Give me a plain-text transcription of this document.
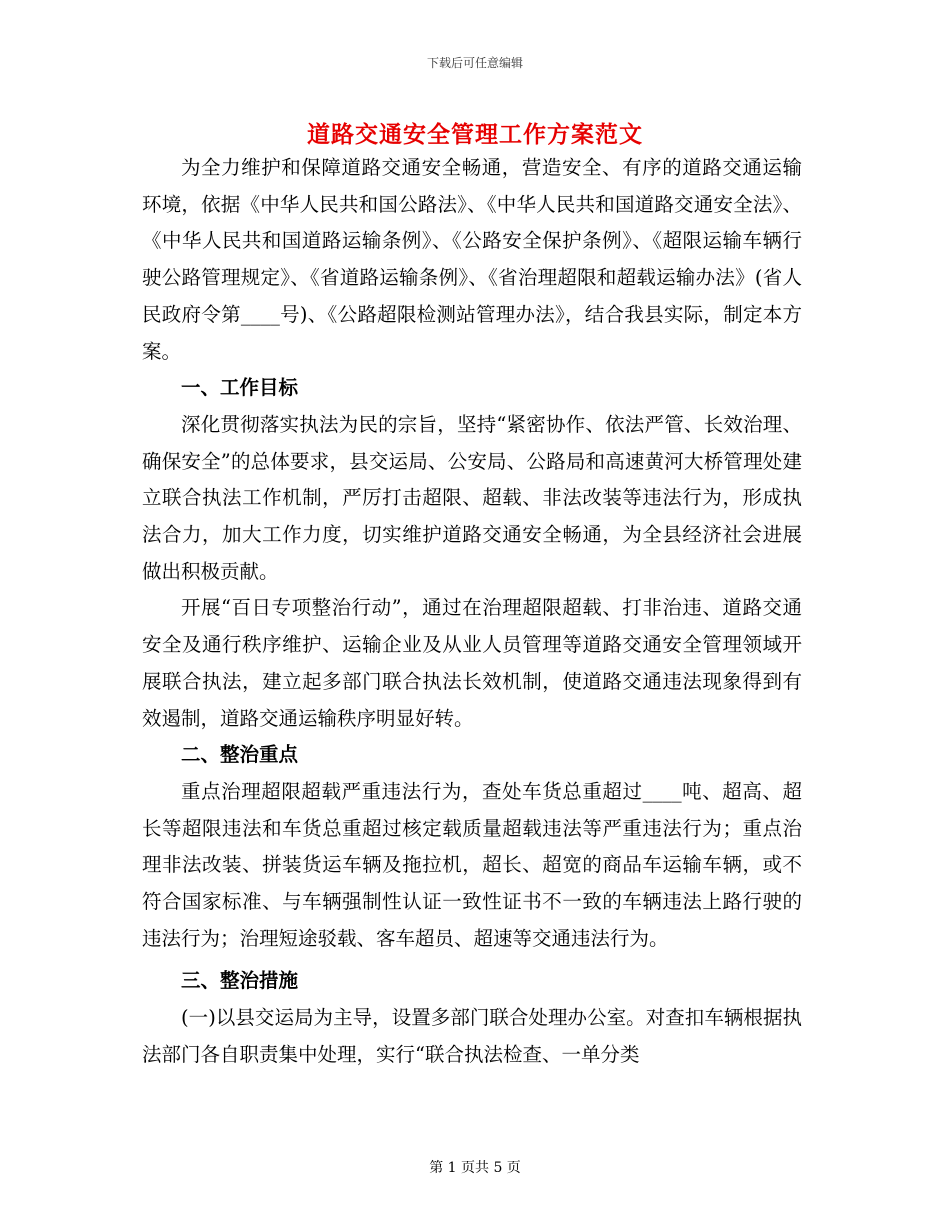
下载后可任意编辑
道路交通安全管理工作方案范文

为全力维护和保障道路交通安全畅通，营造安全、有序的道路交通运输环境，依据《中华人民共和国公路法》、《中华人民共和国道路交通安全法》、《中华人民共和国道路运输条例》、《公路安全保护条例》、《超限运输车辆行驶公路管理规定》、《省道路运输条例》、《省治理超限和超载运输办法》(省人民政府令第____号)、《公路超限检测站管理办法》，结合我县实际，制定本方案。

一、工作目标

深化贯彻落实执法为民的宗旨，坚持“紧密协作、依法严管、长效治理、确保安全”的总体要求，县交运局、公安局、公路局和高速黄河大桥管理处建立联合执法工作机制，严厉打击超限、超载、非法改装等违法行为，形成执法合力，加大工作力度，切实维护道路交通安全畅通，为全县经济社会进展做出积极贡献。

开展“百日专项整治行动”，通过在治理超限超载、打非治违、道路交通安全及通行秩序维护、运输企业及从业人员管理等道路交通安全管理领域开展联合执法，建立起多部门联合执法长效机制，使道路交通违法现象得到有效遏制，道路交通运输秩序明显好转。

二、整治重点

重点治理超限超载严重违法行为，查处车货总重超过____吨、超高、超长等超限违法和车货总重超过核定载质量超载违法等严重违法行为；重点治理非法改装、拼装货运车辆及拖拉机，超长、超宽的商品车运输车辆，或不符合国家标准、与车辆强制性认证一致性证书不一致的车辆违法上路行驶的违法行为；治理短途驳载、客车超员、超速等交通违法行为。

三、整治措施

(一)以县交运局为主导，设置多部门联合处理办公室。对查扣车辆根据执法部门各自职责集中处理，实行“联合执法检查、一单分类

第 1 页共 5 页
